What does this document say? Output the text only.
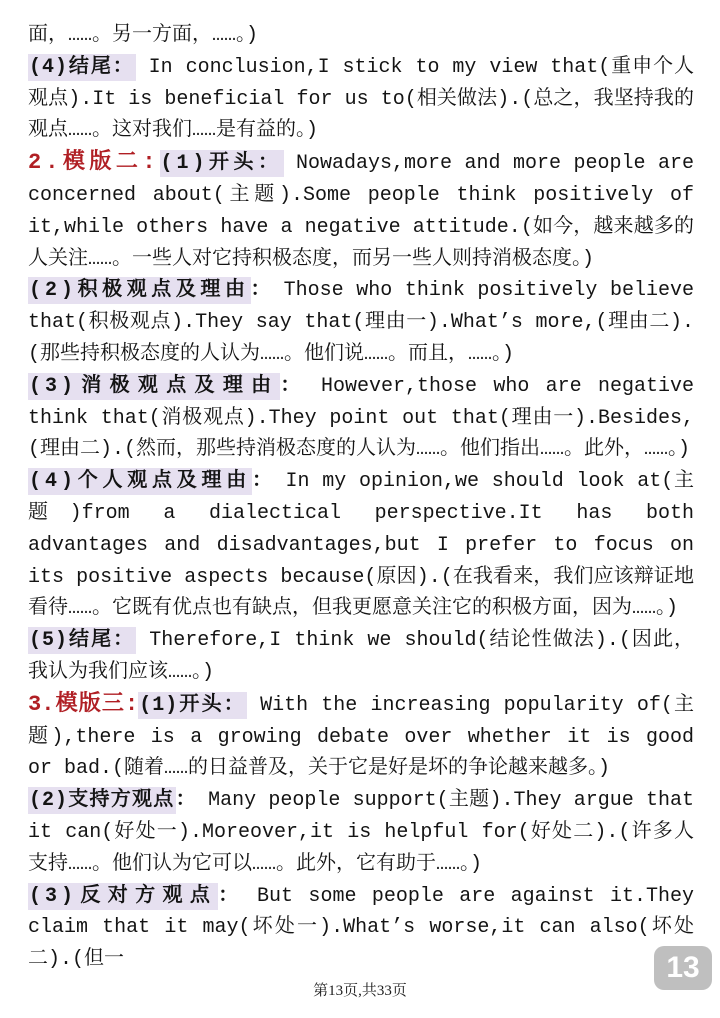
面，……。另一方面，……。)

(4)结尾： In conclusion,I stick to my view that(重申个人观点).It is beneficial for us to(相关做法).(总之，我坚持我的观点……。这对我们……是有益的。)

2.模版二:(1)开头： Nowadays,more and more people are concerned about(主题).Some people think positively of it,while others have a negative attitude.(如今，越来越多的人关注……。一些人对它持积极态度，而另一些人则持消极态度。)

(2)积极观点及理由： Those who think positively believe that(积极观点).They say that(理由一).What’s more,(理由二).(那些持积极态度的人认为……。他们说……。而且，……。)

(3)消极观点及理由： However,those who are negative think that(消极观点).They point out that(理由一).Besides,(理由二).(然而，那些持消极态度的人认为……。他们指出……。此外，……。)

(4)个人观点及理由： In my opinion,we should look at(主题)from a dialectical perspective.It has both advantages and disadvantages,but I prefer to focus on its positive aspects because(原因).(在我看来，我们应该辩证地看待……。它既有优点也有缺点，但我更愿意关注它的积极方面，因为……。)

(5)结尾： Therefore,I think we should(结论性做法).(因此，我认为我们应该……。)

3.模版三:(1)开头： With the increasing popularity of(主题),there is a growing debate over whether it is good or bad.(随着……的日益普及，关于它是好是坏的争论越来越多。)

(2)支持方观点： Many people support(主题).They argue that it can(好处一).Moreover,it is helpful for(好处二).(许多人支持……。他们认为它可以……。此外，它有助于……。)

(3)反对方观点： But some people are against it.They claim that it may(坏处一).What’s worse,it can also(坏处二).(但一	13
第13页,共33页
